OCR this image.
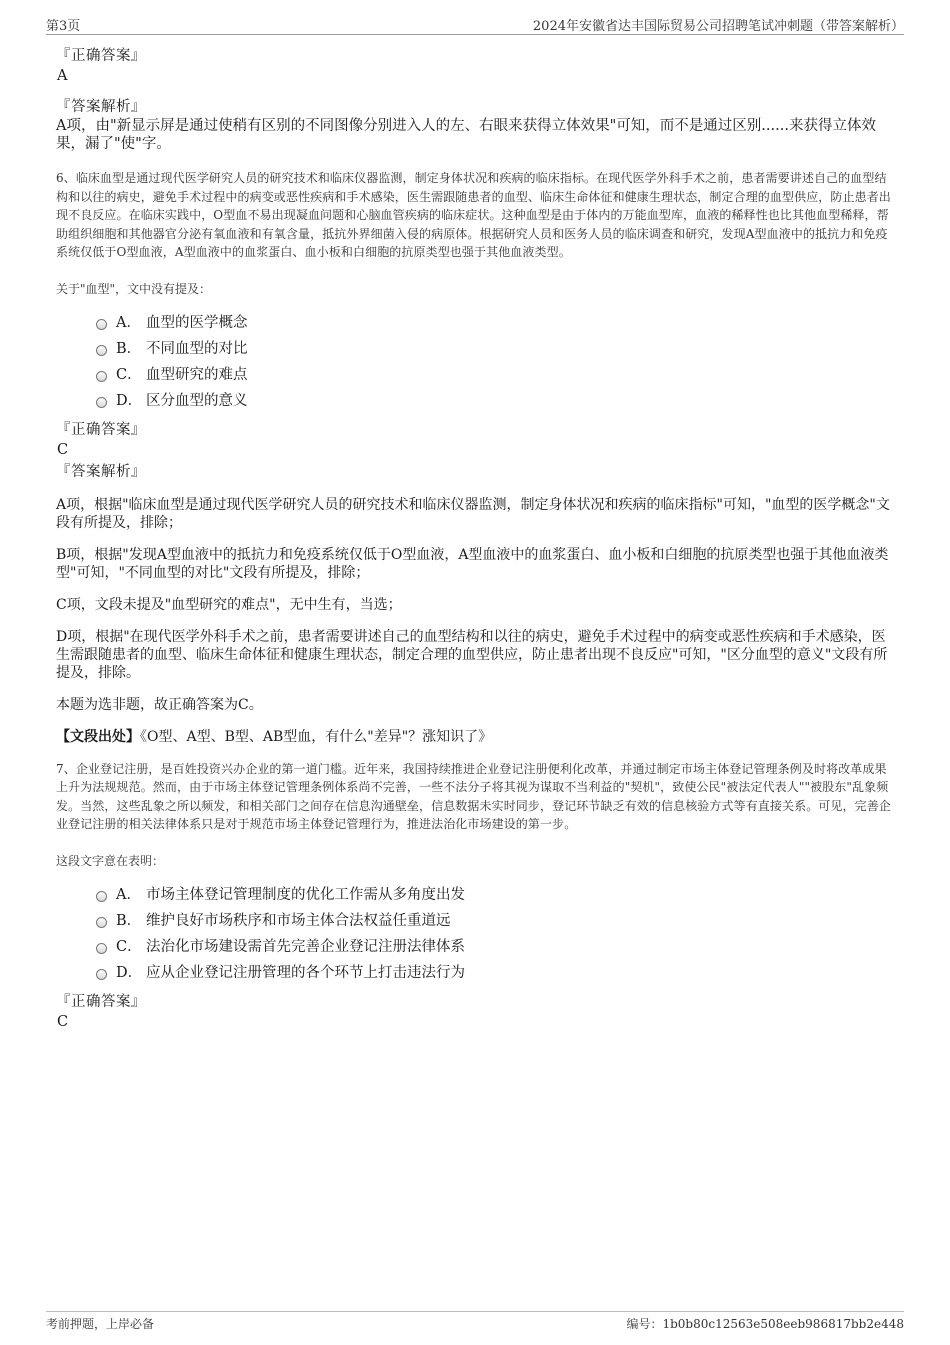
第3页	2024年安徽省达丰国际贸易公司招聘笔试冲刺题（带答案解析）

『正确答案』

A

『答案解析』

A项，由"新显示屏是通过使稍有区别的不同图像分别进入人的左、右眼来获得立体效果"可知，而不是通过区别......来获得立体效果，漏了"使"字。

6、临床血型是通过现代医学研究人员的研究技术和临床仪器监测，制定身体状况和疾病的临床指标。在现代医学外科手术之前，患者需要讲述自己的血型结构和以往的病史，避免手术过程中的病变或恶性疾病和手术感染，医生需跟随患者的血型、临床生命体征和健康生理状态，制定合理的血型供应，防止患者出现不良反应。在临床实践中，O型血不易出现凝血问题和心脑血管疾病的临床症状。这种血型是由于体内的万能血型库，血液的稀释性也比其他血型稀释，帮助组织细胞和其他器官分泌有氧血液和有氧含量，抵抗外界细菌入侵的病原体。根据研究人员和医务人员的临床调查和研究，发现A型血液中的抵抗力和免疫系统仅低于O型血液，A型血液中的血浆蛋白、血小板和白细胞的抗原类型也强于其他血液类型。

关于"血型"，文中没有提及：

A． 血型的医学概念
B． 不同血型的对比
C． 血型研究的难点
D． 区分血型的意义

『正确答案』

C

『答案解析』

A项，根据"临床血型是通过现代医学研究人员的研究技术和临床仪器监测，制定身体状况和疾病的临床指标"可知，"血型的医学概念"文段有所提及，排除；

B项，根据"发现A型血液中的抵抗力和免疫系统仅低于O型血液，A型血液中的血浆蛋白、血小板和白细胞的抗原类型也强于其他血液类型"可知，"不同血型的对比"文段有所提及，排除；

C项，文段未提及"血型研究的难点"，无中生有，当选；

D项，根据"在现代医学外科手术之前，患者需要讲述自己的血型结构和以往的病史，避免手术过程中的病变或恶性疾病和手术感染，医生需跟随患者的血型、临床生命体征和健康生理状态，制定合理的血型供应，防止患者出现不良反应"可知，"区分血型的意义"文段有所提及，排除。

本题为选非题，故正确答案为C。

【文段出处】《O型、A型、B型、AB型血，有什么"差异"？涨知识了》

7、企业登记注册，是百姓投资兴办企业的第一道门槛。近年来，我国持续推进企业登记注册便利化改革，并通过制定市场主体登记管理条例及时将改革成果上升为法规规范。然而，由于市场主体登记管理条例体系尚不完善，一些不法分子将其视为谋取不当利益的"契机"，致使公民"被法定代表人""被股东"乱象频发。当然，这些乱象之所以频发，和相关部门之间存在信息沟通壁垒，信息数据未实时同步，登记环节缺乏有效的信息核验方式等有直接关系。可见，完善企业登记注册的相关法律体系只是对于规范市场主体登记管理行为，推进法治化市场建设的第一步。

这段文字意在表明：

A． 市场主体登记管理制度的优化工作需从多角度出发
B． 维护良好市场秩序和市场主体合法权益任重道远
C． 法治化市场建设需首先完善企业登记注册法律体系
D． 应从企业登记注册管理的各个环节上打击违法行为

『正确答案』

C

考前押题，上岸必备	编号：1b0b80c12563e508eeb986817bb2e448
